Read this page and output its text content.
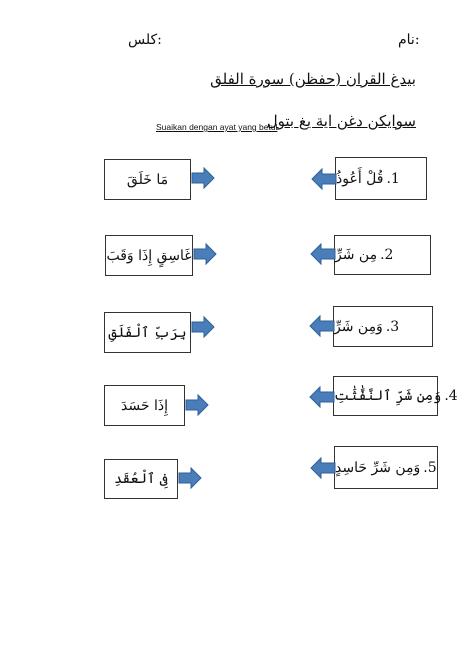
نام:
كلس:
بيدغ القران (حفظن) سورة الفلق
سوايكن دغن اية يغ بتول
Suaikan dengan ayat yang betul
1.
قُلْ أَعُوذُ
2.
مِن شَرِّ
3.
وَمِن شَرِّ
4.
وَمِن شَرِّ ٱلنَّفَّٰثَٰتِ
5.
وَمِن شَرِّ حَاسِدٍ
مَا خَلَقَ
غَاسِقٍ إِذَا وَقَبَ
بِرَبِّ ٱلْفَلَقِ
إِذَا حَسَدَ
فِى ٱلْعُقَدِ
